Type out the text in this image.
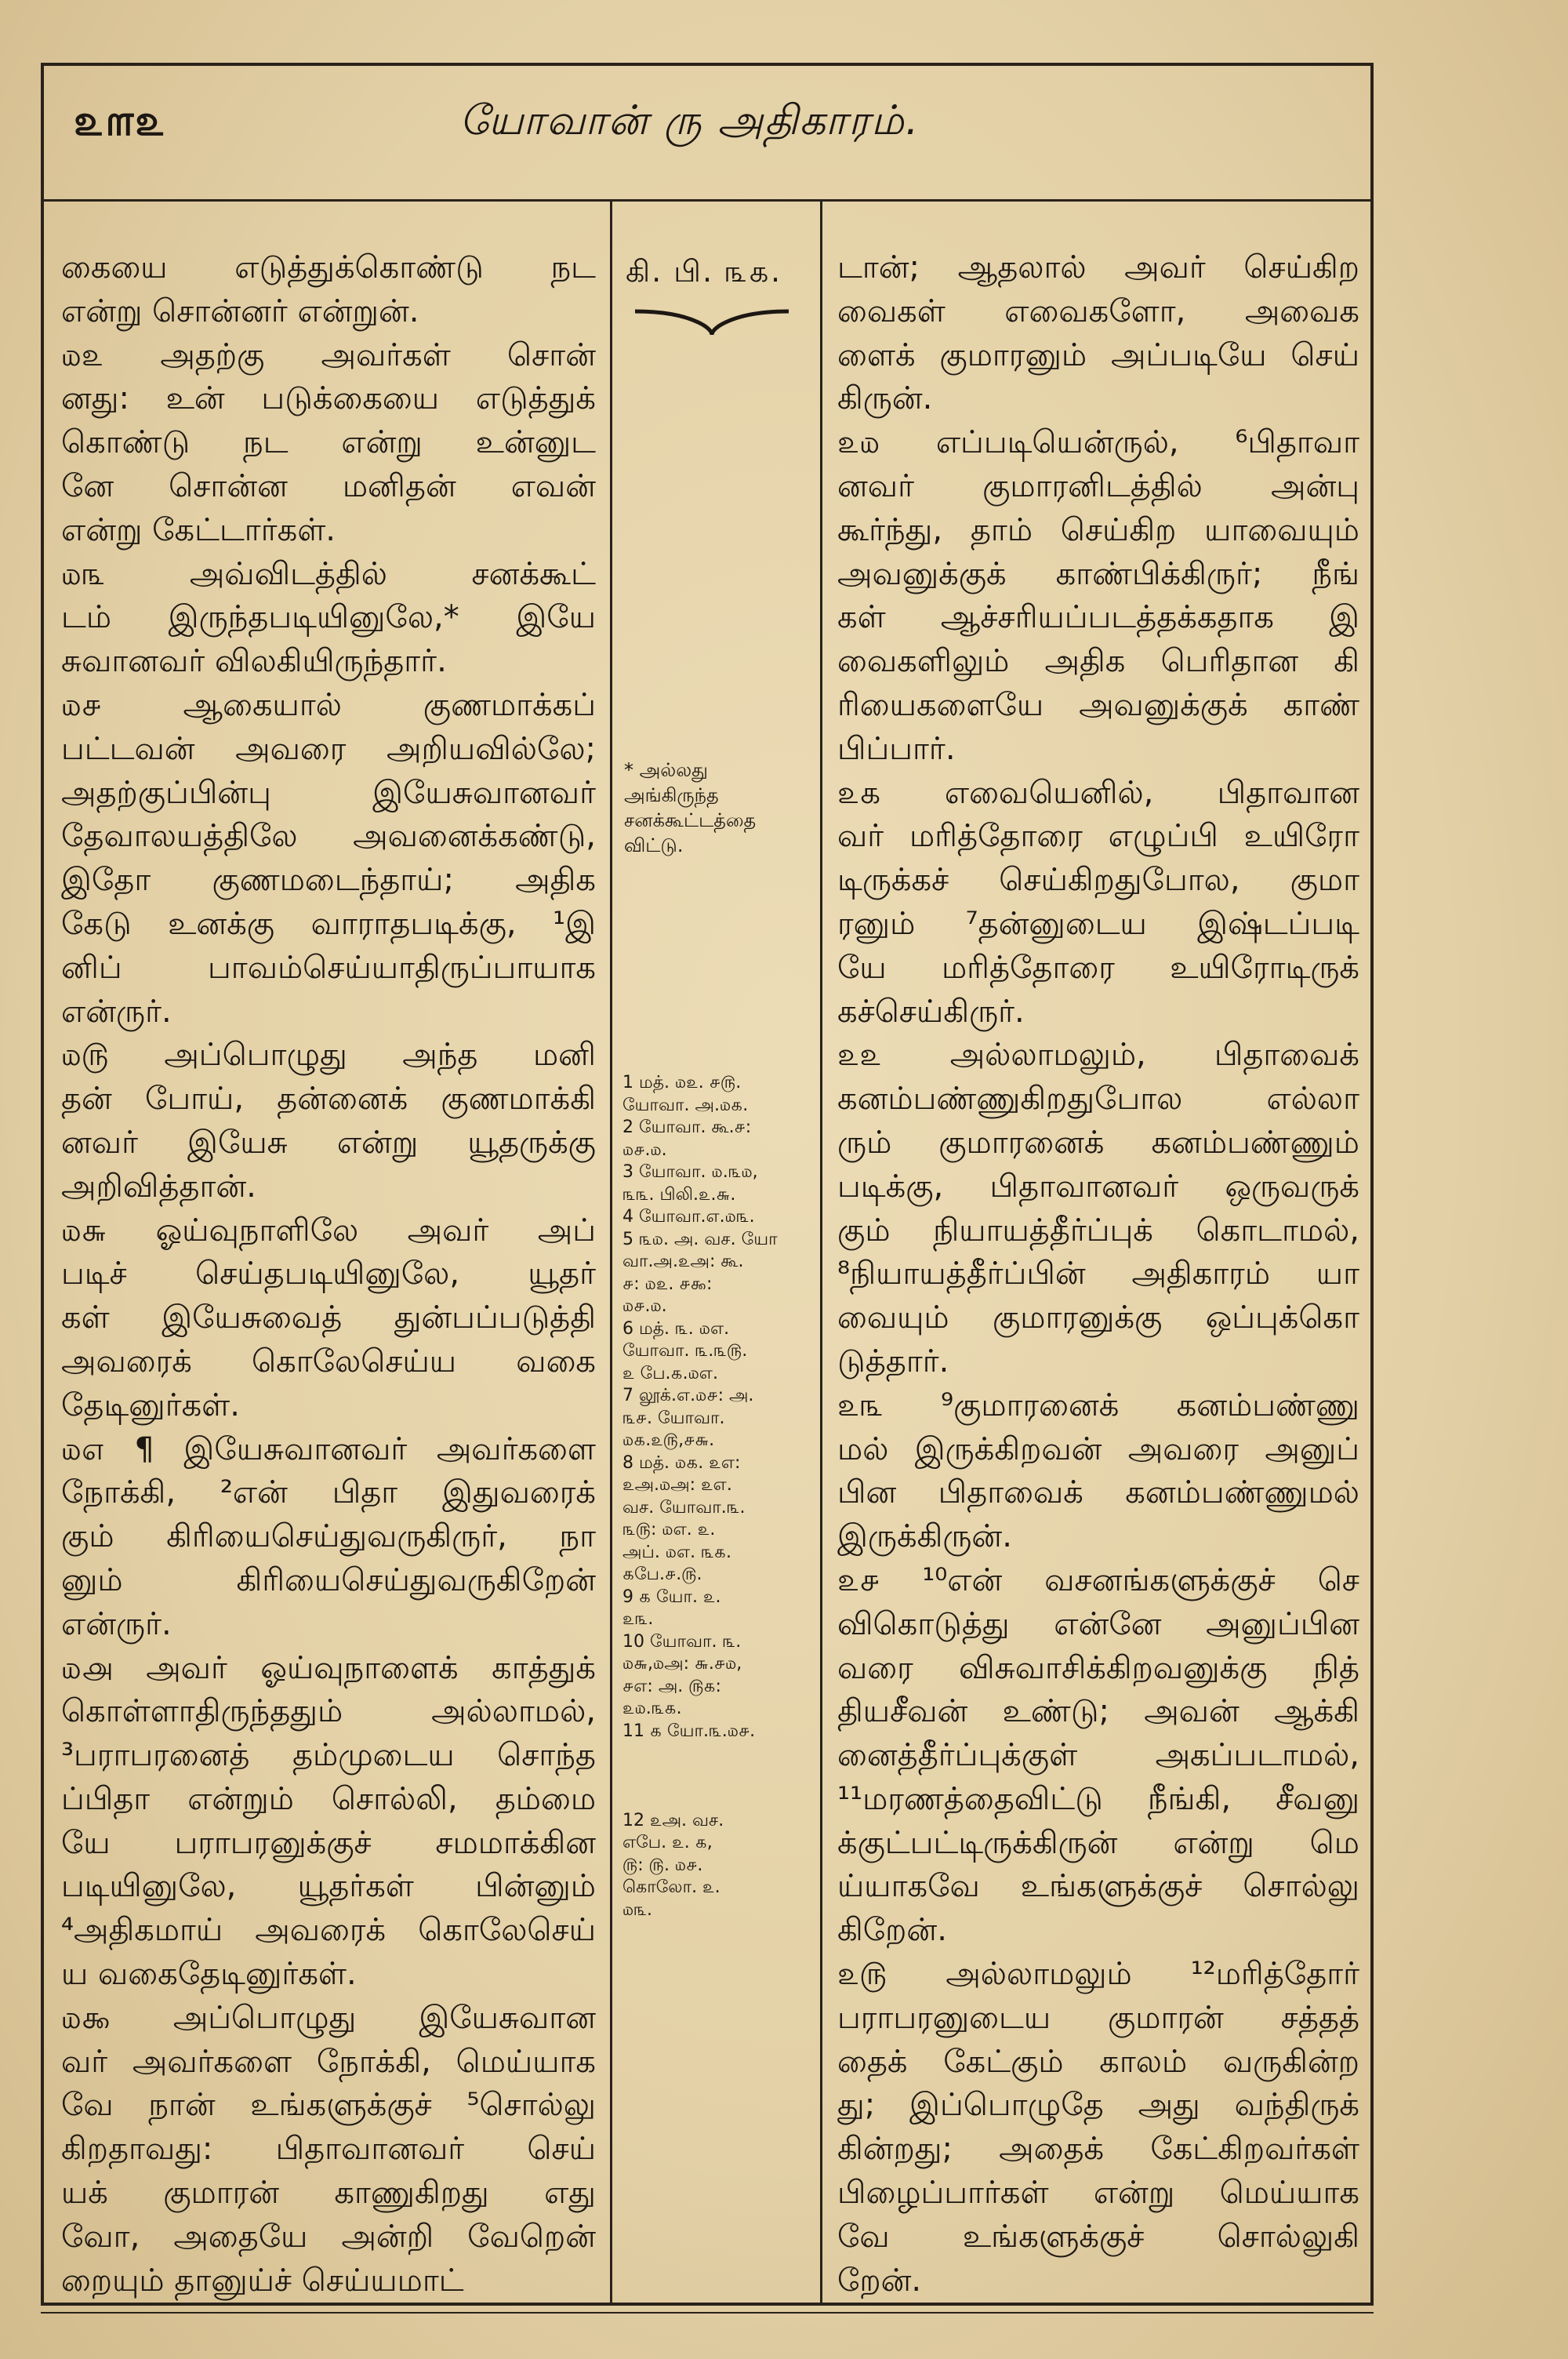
௨௱௨	யோவான் ரு அதிகாரம்.
கையை எடுத்துக்கொண்டு நட
என்று சொன்னர் என்றுன்.
௰௨ அதற்கு அவர்கள் சொன்
னது: உன் படுக்கையை எடுத்துக்
கொண்டு நட என்று உன்னுட
னே சொன்ன மனிதன் எவன்
என்று கேட்டார்கள்.
௰௩ அவ்விடத்தில் சனக்கூட்
டம் இருந்தபடியினுலே,* இயே
சுவானவர் விலகியிருந்தார்.
௰௪ ஆகையால் குணமாக்கப்
பட்டவன் அவரை அறியவில்லே;
அதற்குப்பின்பு இயேசுவானவர்
தேவாலயத்திலே அவனைக்கண்டு,
இதோ குணமடைந்தாய்; அதிக
கேடு உனக்கு வாராதபடிக்கு, ¹இ
னிப் பாவம்செய்யாதிருப்பாயாக
என்ருர்.
௰௫ அப்பொழுது அந்த மனி
தன் போய், தன்னைக் குணமாக்கி
னவர் இயேசு என்று யூதருக்கு
அறிவித்தான்.
௰௬ ஓய்வுநாளிலே அவர் அப்
படிச் செய்தபடியினுலே, யூதர்
கள் இயேசுவைத் துன்பப்படுத்தி
அவரைக் கொலேசெய்ய வகை
தேடினுர்கள்.
௰௭ ¶ இயேசுவானவர் அவர்களை
நோக்கி, ²என் பிதா இதுவரைக்
கும் கிரியைசெய்துவருகிருர், நா
னும் கிரியைசெய்துவருகிறேன்
என்ருர்.
௰௮ அவர் ஓய்வுநாளைக் காத்துக்
கொள்ளாதிருந்ததும் அல்லாமல்,
³பராபரனைத் தம்முடைய சொந்த
ப்பிதா என்றும் சொல்லி, தம்மை
யே பராபரனுக்குச் சமமாக்கின
படியினுலே, யூதர்கள் பின்னும்
⁴அதிகமாய் அவரைக் கொலேசெய்
ய வகைதேடினுர்கள்.
௰௯ அப்பொழுது இயேசுவான
வர் அவர்களை நோக்கி, மெய்யாக
வே நான் உங்களுக்குச் ⁵சொல்லு
கிறதாவது: பிதாவானவர் செய்
யக் குமாரன் காணுகிறது எது
வோ, அதையே அன்றி வேறென்
றையும் தானுய்ச் செய்யமாட்
கி. பி. ௩௧.
* அல்லது அங்கிருந்த சனக்கூட்டத்தை விட்டு.
1 மத். ௰௨. ௪௫.
யோவா. அ.௰௧.
2 யோவா. கூ.௪:
௰௪.௰.
3 யோவா. ௰.௩௰,
௩௩. பிலி.௨.௬.
4 யோவா.எ.௰௩.
5 ௩௰. அ. வச. யோ
வா.அ.௨அ: கூ.
௪: ௰௨. ௪௯:
௰௪.௰.
6 மத். ௩. ௰எ.
யோவா. ௩.௩௫.
௨ பே.௧.௰எ.
7 லூக்.எ.௰௪: அ.
௩௪. யோவா.
௰௧.௨௫,௪௬.
8 மத். ௰௧. ௨எ:
௨அ.௰அ: ௨எ.
வச. யோவா.௩.
௩௫: ௰எ. ௨.
அப். ௰எ. ௩௧.
௧பே.௪.௫.
9 ௧ யோ. ௨.
௨௩.
10 யோவா. ௩.
௰௬,௰அ: ௬.௪௰,
௪எ: அ. ௫௧:
௨௰.௩௧.
11 ௧ யோ.௩.௰௪.
12 ௨அ. வச.
எபே. ௨. ௧,
௫: ௫. ௰௪.
கொலோ. ௨.
௰௩.
டான்; ஆதலால் அவர் செய்கிற
வைகள் எவைகளோ, அவைக
ளைக் குமாரனும் அப்படியே செய்
கிருன்.
௨௰ எப்படியென்ருல், ⁶பிதாவா
னவர் குமாரனிடத்தில் அன்பு
கூர்ந்து, தாம் செய்கிற யாவையும்
அவனுக்குக் காண்பிக்கிருர்; நீங்
கள் ஆச்சரியப்படத்தக்கதாக இ
வைகளிலும் அதிக பெரிதான கி
ரியைகளையே அவனுக்குக் காண்
பிப்பார்.
௨௧ எவையெனில், பிதாவான
வர் மரித்தோரை எழுப்பி உயிரோ
டிருக்கச் செய்கிறதுபோல, குமா
ரனும் ⁷தன்னுடைய இஷ்டப்படி
யே மரித்தோரை உயிரோடிருக்
கச்செய்கிருர்.
௨௨ அல்லாமலும், பிதாவைக்
கனம்பண்ணுகிறதுபோல எல்லா
ரும் குமாரனைக் கனம்பண்ணும்
படிக்கு, பிதாவானவர் ஒருவருக்
கும் நியாயத்தீர்ப்புக் கொடாமல்,
⁸நியாயத்தீர்ப்பின் அதிகாரம் யா
வையும் குமாரனுக்கு ஒப்புக்கொ
டுத்தார்.
௨௩ ⁹குமாரனைக் கனம்பண்ணு
மல் இருக்கிறவன் அவரை அனுப்
பின பிதாவைக் கனம்பண்ணுமல்
இருக்கிருன்.
௨௪ ¹⁰என் வசனங்களுக்குச் செ
விகொடுத்து என்னே அனுப்பின
வரை விசுவாசிக்கிறவனுக்கு நித்
தியசீவன் உண்டு; அவன் ஆக்கி
னைத்தீர்ப்புக்குள் அகப்படாமல்,
¹¹மரணத்தைவிட்டு நீங்கி, சீவனு
க்குட்பட்டிருக்கிருன் என்று மெ
ய்யாகவே உங்களுக்குச் சொல்லு
கிறேன்.
௨௫ அல்லாமலும் ¹²மரித்தோர்
பராபரனுடைய குமாரன் சத்தத்
தைக் கேட்கும் காலம் வருகின்ற
து; இப்பொழுதே அது வந்திருக்
கின்றது; அதைக் கேட்கிறவர்கள்
பிழைப்பார்கள் என்று மெய்யாக
வே உங்களுக்குச் சொல்லுகி
றேன்.
